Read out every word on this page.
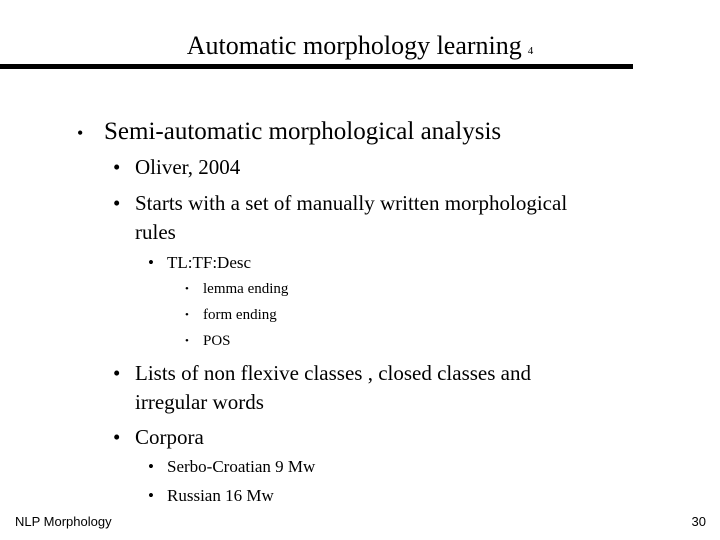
Automatic morphology learning 4
• Semi-automatic morphological analysis
• Oliver, 2004
• Starts with a set of manually written morphological
rules
• TL:TF:Desc
• lemma ending
• form ending
• POS
• Lists of non flexive classes , closed classes and
irregular words
• Corpora
• Serbo-Croatian 9 Mw
• Russian 16 Mw
NLP Morphology	30
